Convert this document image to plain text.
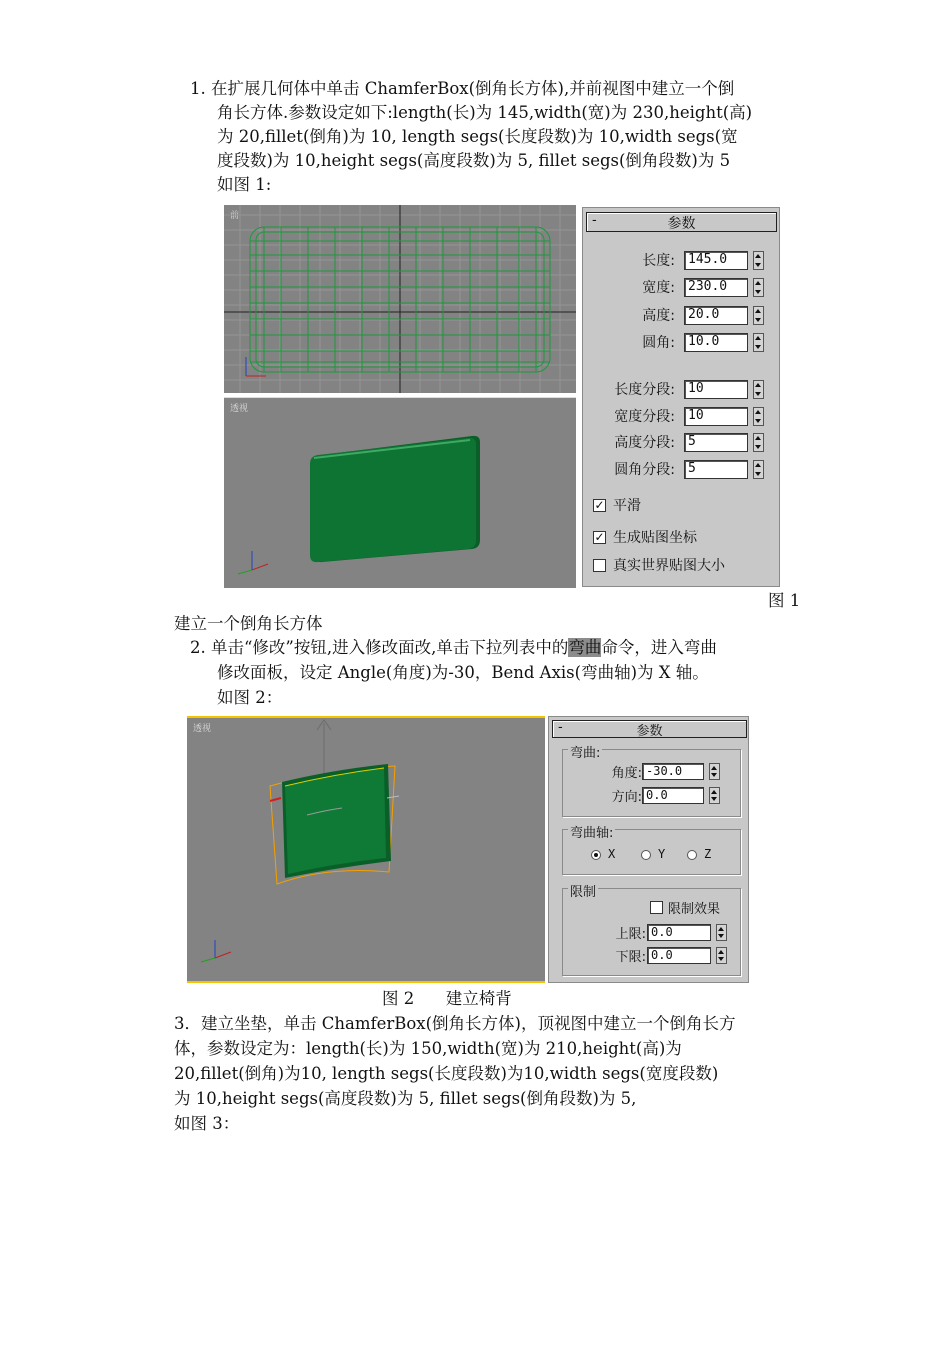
1. 在扩展几何体中单击 ChamferBox(倒角长方体),并前视图中建立一个倒
角长方体.参数设定如下:length(长)为 145,width(宽)为 230,height(高)
为 20,fillet(倒角)为 10, length segs(长度段数)为 10,width segs(宽
度段数)为 10,height segs(高度段数)为 5, fillet segs(倒角段数)为 5
如图 1:
前
透视
-	参数
长度:	145.0
宽度:	230.0
高度:	20.0
圆角:	10.0
长度分段:	10
宽度分段:	10
高度分段:	5
圆角分段:	5
✓ 平滑
✓ 生成贴图坐标
真实世界贴图大小
图 1
建立一个倒角长方体
2. 单击“修改”按钮,进入修改面改,单击下拉列表中的弯曲命令，进入弯曲
修改面板，设定 Angle(角度)为-30，Bend Axis(弯曲轴)为 X 轴。
如图 2：
透视	-	参数
弯曲:
角度: -30.0
方向: 0.0
弯曲轴:
X	Y	Z
限制
限制效果
上限: 0.0
下限: 0.0
图 2      建立椅背
3．建立坐垫，单击 ChamferBox(倒角长方体)，顶视图中建立一个倒角长方
体，参数设定为：length(长)为 150,width(宽)为 210,height(高)为
20,fillet(倒角)为10, length segs(长度段数)为10,width segs(宽度段数)
为 10,height segs(高度段数)为 5, fillet segs(倒角段数)为 5,
如图 3：
